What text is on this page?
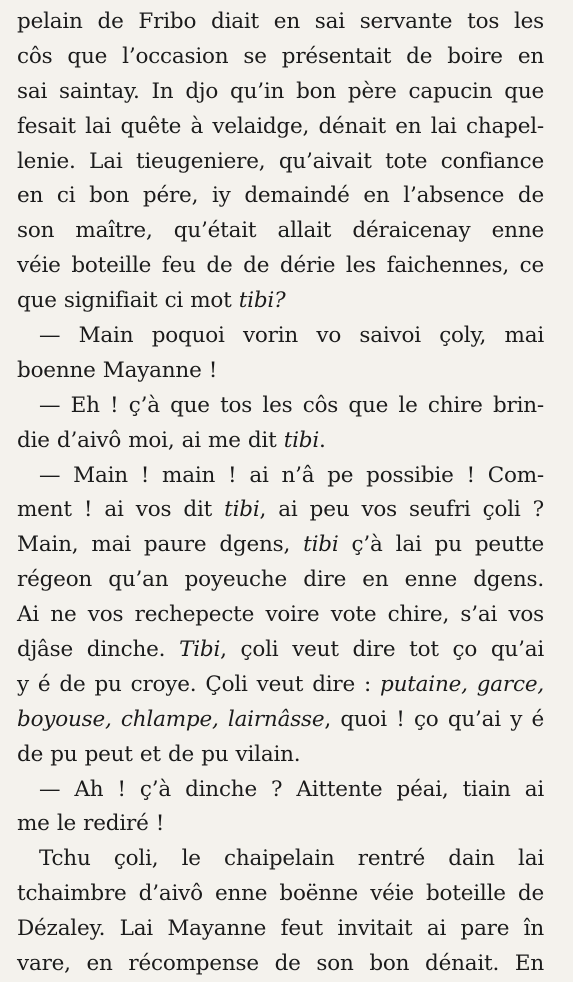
pelain de Fribo diait en sai servante tos les
côs que l’occasion se présentait de boire en
sai saintay. In djo qu’in bon père capucin que
fesait lai quête à velaidge, dénait en lai chapel-
lenie. Lai tieugeniere, qu’aivait tote confiance
en ci bon pére, iy demaindé en l’absence de
son maître, qu’était allait déraicenay enne
véie boteille feu de de dérie les faichennes, ce
que signifiait ci mot tibi?
— Main poquoi vorin vo saivoi çoly, mai
boenne Mayanne !
— Eh ! ç’à que tos les côs que le chire brin-
die d’aivô moi, ai me dit tibi.
— Main ! main ! ai n’â pe possibie ! Com-
ment ! ai vos dit tibi, ai peu vos seufri çoli ?
Main, mai paure dgens, tibi ç’à lai pu peutte
régeon qu’an poyeuche dire en enne dgens.
Ai ne vos rechepecte voire vote chire, s’ai vos
djâse dinche. Tibi, çoli veut dire tot ço qu’ai
y é de pu croye. Çoli veut dire : putaine, garce,
boyouse, chlampe, lairnâsse, quoi ! ço qu’ai y é
de pu peut et de pu vilain.
— Ah ! ç’à dinche ? Aittente péai, tiain ai
me le rediré !
Tchu çoli, le chaipelain rentré dain lai
tchaimbre d’aivô enne boënne véie boteille de
Dézaley. Lai Mayanne feut invitait ai pare în
vare, en récompense de son bon dénait. En
